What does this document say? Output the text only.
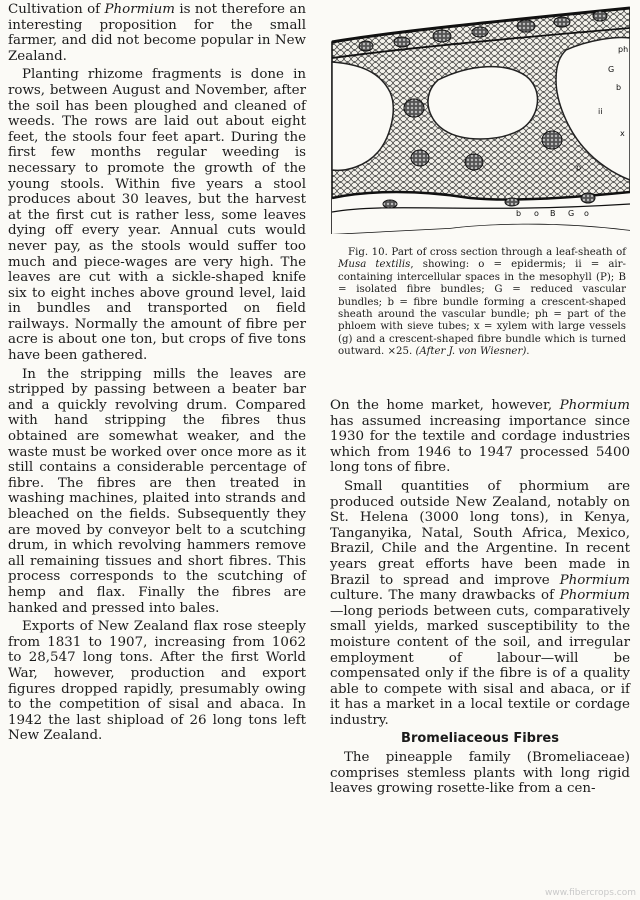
Cultivation of Phormium is not therefore an interesting proposition for the small farmer, and did not become popular in New Zealand.

Planting rhizome fragments is done in rows, between August and November, after the soil has been ploughed and cleaned of weeds. The rows are laid out about eight feet, the stools four feet apart. During the first few months regular weeding is necessary to promote the growth of the young stools. Within five years a stool produces about 30 leaves, but the harvest at the first cut is rather less, some leaves dying off every year. Annual cuts would never pay, as the stools would suffer too much and piece-wages are very high. The leaves are cut with a sickle-shaped knife six to eight inches above ground level, laid in bundles and transported on field railways. Normally the amount of fibre per acre is about one ton, but crops of five tons have been gathered.

In the stripping mills the leaves are stripped by passing between a beater bar and a quickly revolving drum. Compared with hand stripping the fibres thus obtained are somewhat weaker, and the waste must be worked over once more as it still contains a considerable percentage of fibre. The fibres are then treated in washing machines, plaited into strands and bleached on the fields. Subsequently they are moved by conveyor belt to a scutching drum, in which revolving hammers remove all remaining tissues and short fibres. This process corresponds to the scutching of hemp and flax. Finally the fibres are hanked and pressed into bales.

Exports of New Zealand flax rose steeply from 1831 to 1907, increasing from 1062 to 28,547 long tons. After the first World War, however, production and export figures dropped rapidly, presumably owing to the competition of sisal and abaca. In 1942 the last shipload of 26 long tons left New Zealand.

ph
G
b
ii
x
p
b o B G o
Fig. 10. Part of cross section through a leaf-sheath of Musa textilis, showing: o = epidermis; ii = air-containing intercellular spaces in the mesophyll (P); B = isolated fibre bundles; G = reduced vascular bundles; b = fibre bundle forming a crescent-shaped sheath around the vascular bundle; ph = part of the phloem with sieve tubes; x = xylem with large vessels (g) and a crescent-shaped fibre bundle which is turned outward. ×25. (After J. von Wiesner).

On the home market, however, Phormium has assumed increasing importance since 1930 for the textile and cordage industries which from 1946 to 1947 processed 5400 long tons of fibre.

Small quantities of phormium are produced outside New Zealand, notably on St. Helena (3000 long tons), in Kenya, Tanganyika, Natal, South Africa, Mexico, Brazil, Chile and the Argentine. In recent years great efforts have been made in Brazil to spread and improve Phormium culture. The many drawbacks of Phormium—long periods between cuts, comparatively small yields, marked susceptibility to the moisture content of the soil, and irregular employment of labour—will be compensated only if the fibre is of a quality able to compete with sisal and abaca, or if it has a market in a local textile or cordage industry.

Bromeliaceous Fibres

The pineapple family (Bromeliaceae) comprises stemless plants with long rigid leaves growing rosette-like from a cen-

www.fibercrops.com
